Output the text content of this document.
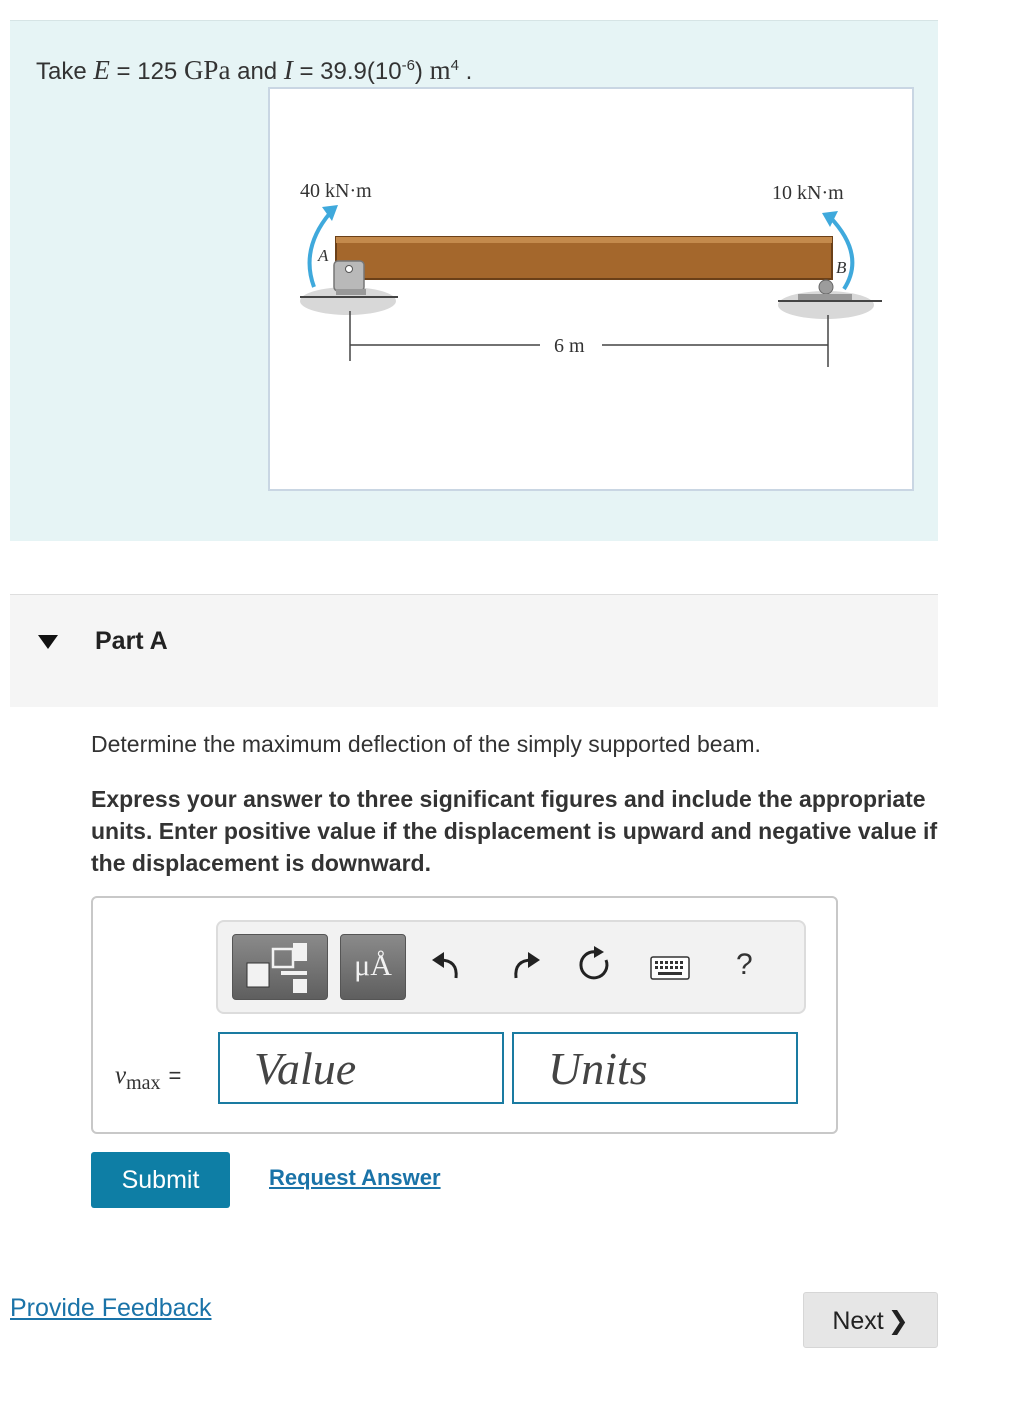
Take E = 125 GPa and $I = 39.9(10^{-6})$ $m^4$ .
40 kN·m	10 kN·m
A
B
6 m
Part A
Determine the maximum deflection of the simply supported beam.
Express your answer to three significant figures and include the appropriate units. Enter positive value if the displacement is upward and negative value if the displacement is downward.
μÅ	?
$v_{max}$ =	Value	Units
Submit	Request Answer
Provide Feedback	Next ❯
